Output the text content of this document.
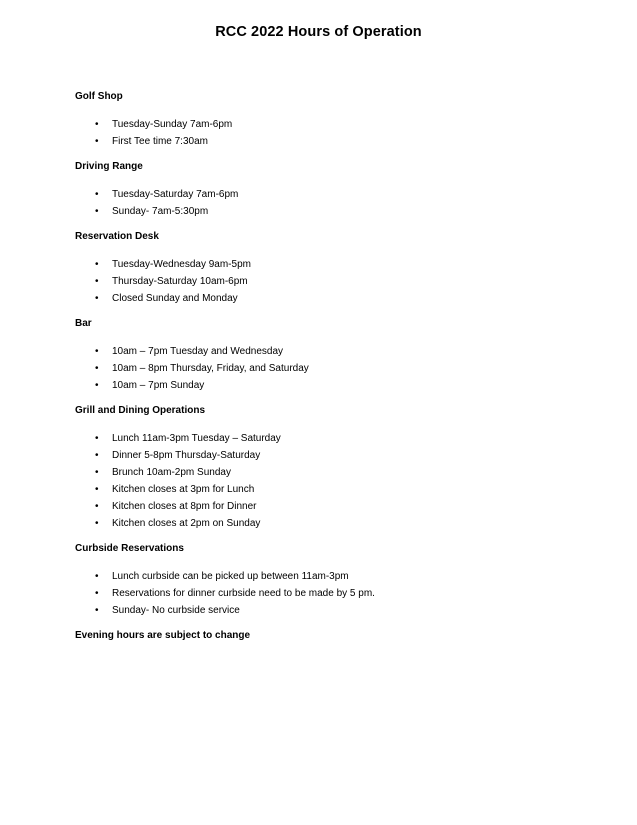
RCC 2022 Hours of Operation

Golf Shop

• Tuesday-Sunday 7am-6pm
• First Tee time 7:30am

Driving Range

• Tuesday-Saturday 7am-6pm
• Sunday- 7am-5:30pm

Reservation Desk

• Tuesday-Wednesday 9am-5pm
• Thursday-Saturday 10am-6pm
• Closed Sunday and Monday

Bar

• 10am – 7pm Tuesday and Wednesday
• 10am – 8pm Thursday, Friday, and Saturday
• 10am – 7pm Sunday

Grill and Dining Operations

• Lunch 11am-3pm Tuesday – Saturday
• Dinner 5-8pm Thursday-Saturday
• Brunch 10am-2pm Sunday
• Kitchen closes at 3pm for Lunch
• Kitchen closes at 8pm for Dinner
• Kitchen closes at 2pm on Sunday

Curbside Reservations

• Lunch curbside can be picked up between 11am-3pm
• Reservations for dinner curbside need to be made by 5 pm.
• Sunday- No curbside service

Evening hours are subject to change
